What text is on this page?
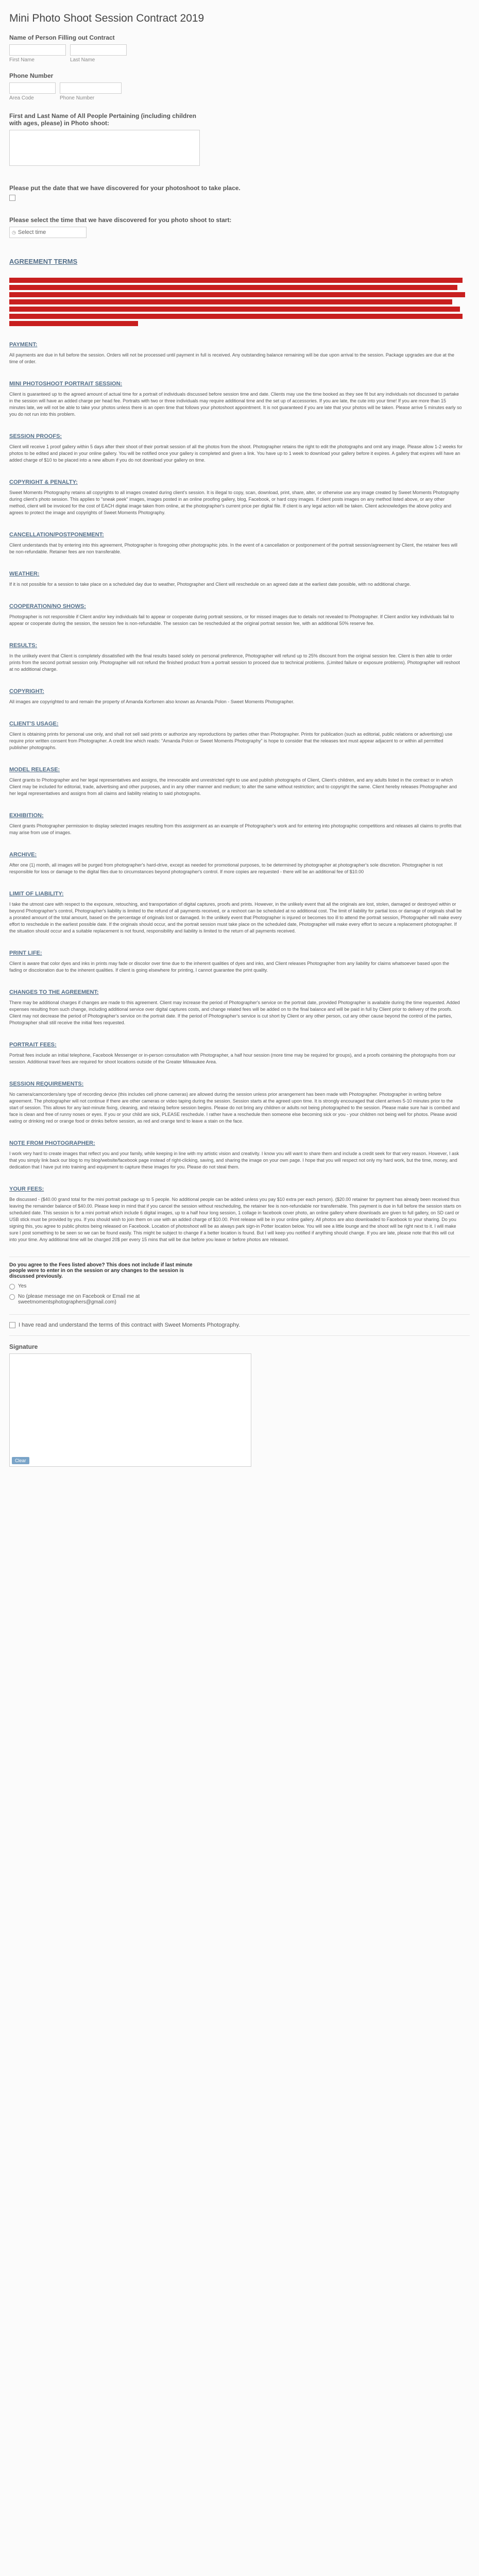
Mini Photo Shoot Session Contract 2019
Name of Person Filling out Contract
First Name	Last Name
Phone Number
Area Code	Phone Number
First and Last Name of All People Pertaining (including children with ages, please) in Photo shoot:
Please put the date that we have discovered for your photoshoot to take place.
Please select the time that we have discovered for you photo shoot to start:
◷ Select time
AGREEMENT TERMS
PAYMENT:
All payments are due in full before the session. Orders will not be processed until payment in full is received. Any outstanding balance remaining will be due upon arrival to the session. Package upgrades are due at the time of order.
MINI PHOTOSHOOT PORTRAIT SESSION:
Client is guaranteed up to the agreed amount of actual time for a portrait of individuals discussed before session time and date. Clients may use the time booked as they see fit but any individuals not discussed to partake in the session will have an added charge per head fee. Portraits with two or three individuals may require additional time and the set up of accessories. If you are late, the cute into your time! If you are more than 15 minutes late, we will not be able to take your photos unless there is an open time that follows your photoshoot appointment. It is not guaranteed if you are late that your photos will be taken. Please arrive 5 minutes early so you do not run into this problem.
SESSION PROOFS:
Client will receive 1 proof gallery within 5 days after their shoot of their portrait session of all the photos from the shoot. Photographer retains the right to edit the photographs and omit any image. Please allow 1-2 weeks for photos to be edited and placed in your online gallery. You will be notified once your gallery is completed and given a link. You have up to 1 week to download your gallery before it expires. A gallery that expires will have an added charge of $10 to be placed into a new album if you do not download your gallery on time.
COPYRIGHT & PENALTY:
Sweet Moments Photography retains all copyrights to all images created during client's session. It is illegal to copy, scan, download, print, share, alter, or otherwise use any image created by Sweet Moments Photography during client's photo session. This applies to "sneak peek" images, images posted in an online proofing gallery, blog, Facebook, or hard copy images. If client posts images on any method listed above, or any other method, client will be invoiced for the cost of EACH digital image taken from online, at the photographer's current price per digital file. If client is any legal action will be taken. Client acknowledges the above policy and agrees to protect the image and copyrights of Sweet Moments Photography.
CANCELLATION/POSTPONEMENT:
Client understands that by entering into this agreement, Photographer is foregoing other photographic jobs. In the event of a cancellation or postponement of the portrait session/agreement by Client, the retainer fees will be non-refundable. Retainer fees are non transferable.
WEATHER:
If it is not possible for a session to take place on a scheduled day due to weather, Photographer and Client will reschedule on an agreed date at the earliest date possible, with no additional charge.
COOPERATION/NO SHOWS:
Photographer is not responsible if Client and/or key individuals fail to appear or cooperate during portrait sessions, or for missed images due to details not revealed to Photographer. If Client and/or key individuals fail to appear or cooperate during the session, the session fee is non-refundable. The session can be rescheduled at the original portrait session fee, with an additional 50% reserve fee.
RESULTS:
In the unlikely event that Client is completely dissatisfied with the final results based solely on personal preference, Photographer will refund up to 25% discount from the original session fee. Client is then able to order prints from the second portrait session only. Photographer will not refund the finished product from a portrait session to proceed due to technical problems. (Limited failure or exposure problems). Photographer will reshoot at no additional charge.
COPYRIGHT:
All images are copyrighted to and remain the property of Amanda Korfomen also known as Amanda Polon - Sweet Moments Photographer.
CLIENT'S USAGE:
Client is obtaining prints for personal use only, and shall not sell said prints or authorize any reproductions by parties other than Photographer. Prints for publication (such as editorial, public relations or advertising) use require prior written consent from Photographer. A credit line which reads: "Amanda Polon or Sweet Moments Photography" is hope to consider that the releases text must appear adjacent to or within all permitted publisher photographs.
MODEL RELEASE:
Client grants to Photographer and her legal representatives and assigns, the irrevocable and unrestricted right to use and publish photographs of Client, Client's children, and any adults listed in the contract or in which Client may be included for editorial, trade, advertising and other purposes, and in any other manner and medium; to alter the same without restriction; and to copyright the same. Client hereby releases Photographer and her legal representatives and assigns from all claims and liability relating to said photographs.
EXHIBITION:
Client grants Photographer permission to display selected images resulting from this assignment as an example of Photographer's work and for entering into photographic competitions and releases all claims to profits that may arise from use of images.
ARCHIVE:
After one (1) month, all images will be purged from photographer's hard-drive, except as needed for promotional purposes, to be determined by photographer at photographer's sole discretion. Photographer is not responsible for loss or damage to the digital files due to circumstances beyond photographer's control. If more copies are requested - there will be an additional fee of $10.00
LIMIT OF LIABILITY:
I take the utmost care with respect to the exposure, retouching, and transportation of digital captures, proofs and prints. However, in the unlikely event that all the originals are lost, stolen, damaged or destroyed within or beyond Photographer's control, Photographer's liability is limited to the refund of all payments received, or a reshoot can be scheduled at no additional cost. The limit of liability for partial loss or damage of originals shall be a prorated amount of the total amount, based on the percentage of originals lost or damaged. In the unlikely event that Photographer is injured or becomes too ill to attend the portrait session, Photographer will make every effort to reschedule in the earliest possible date. If the originals should occur, and the portrait session must take place on the scheduled date, Photographer will make every effort to secure a replacement photographer. If the situation should occur and a suitable replacement is not found, responsibility and liability is limited to the return of all payments received.
PRINT LIFE:
Client is aware that color dyes and inks in prints may fade or discolor over time due to the inherent qualities of dyes and inks, and Client releases Photographer from any liability for claims whatsoever based upon the fading or discoloration due to the inherent qualities. If client is going elsewhere for printing, I cannot guarantee the print quality.
CHANGES TO THE AGREEMENT:
There may be additional charges if changes are made to this agreement. Client may increase the period of Photographer's service on the portrait date, provided Photographer is available during the time requested. Added expenses resulting from such change, including additional service over digital captures costs, and change related fees will be added on to the final balance and will be paid in full by Client prior to delivery of the proofs. Client may not decrease the period of Photographer's service on the portrait date. If the period of Photographer's service is cut short by Client or any other person, cut any other cause beyond the control of the parties, Photographer shall still receive the initial fees requested.
PORTRAIT FEES:
Portrait fees include an initial telephone, Facebook Messenger or in-person consultation with Photographer, a half hour session (more time may be required for groups), and a proofs containing the photographs from our session. Additional travel fees are required for shoot locations outside of the Greater Milwaukee Area.
SESSION REQUIREMENTS:
No camera/camcorders/any type of recording device (this includes cell phone cameras) are allowed during the session unless prior arrangement has been made with Photographer. Photographer in writing before agreement. The photographer will not continue if there are other cameras or video taping during the session. Session starts at the agreed upon time. It is strongly encouraged that client arrives 5-10 minutes prior to the start of session. This allows for any last-minute fixing, cleaning, and relaxing before session begins. Please do not bring any children or adults not being photographed to the session. Please make sure hair is combed and face is clean and free of runny noses or eyes. If you or your child are sick, PLEASE reschedule. I rather have a reschedule then someone else becoming sick or you - your children not being well for photos. Please avoid eating or drinking red or orange food or drinks before session, as red and orange tend to leave a stain on the face.
NOTE FROM PHOTOGRAPHER:
I work very hard to create images that reflect you and your family, while keeping in line with my artistic vision and creativity. I know you will want to share them and include a credit seek for that very reason. However, I ask that you simply link back our blog to my blog/website/facebook page instead of right-clicking, saving, and sharing the image on your own page. I hope that you will respect not only my hard work, but the time, money, and dedication that I have put into training and equipment to capture these images for you. Please do not steal them.
YOUR FEES:
Be discussed - ($40.00 grand total for the mini portrait package up to 5 people. No additional people can be added unless you pay $10 extra per each person). ($20.00 retainer for payment has already been received thus leaving the remainder balance of $40.00. Please keep in mind that if you cancel the session without rescheduling, the retainer fee is non-refundable nor transferrable. This payment is due in full before the session starts on scheduled date. This session is for a mini portrait which include 6 digital images, up to a half hour long session, 1 collage in facebook cover photo, an online gallery where downloads are given to full gallery, on SD card or USB stick must be provided by you. If you should wish to join them on use with an added charge of $10.00. Print release will be in your online gallery. All photos are also downloaded to Facebook to your sharing. Do you signing this, you agree to public photos being released on Facebook. Location of photoshoot will be as always park sign-in Potter location below. You will see a little lounge and the shoot will be right next to it. I will make sure I post something to be seen so we can be found easily. This might be subject to change if a better location is found. But I will keep you notified if anything should change. If you are late, please note that this will cut into your time. Any additional time will be charged 20$ per every 15 mins that will be due before you leave or before photos are released.
Do you agree to the Fees listed above? This does not include if last minute people were to enter in on the session or any changes to the session is discussed previously.
Yes
No (please message me on Facebook or Email me at sweetmomentsphotographers@gmail.com)
I have read and understand the terms of this contract with Sweet Moments Photography.
Signature
Clear
